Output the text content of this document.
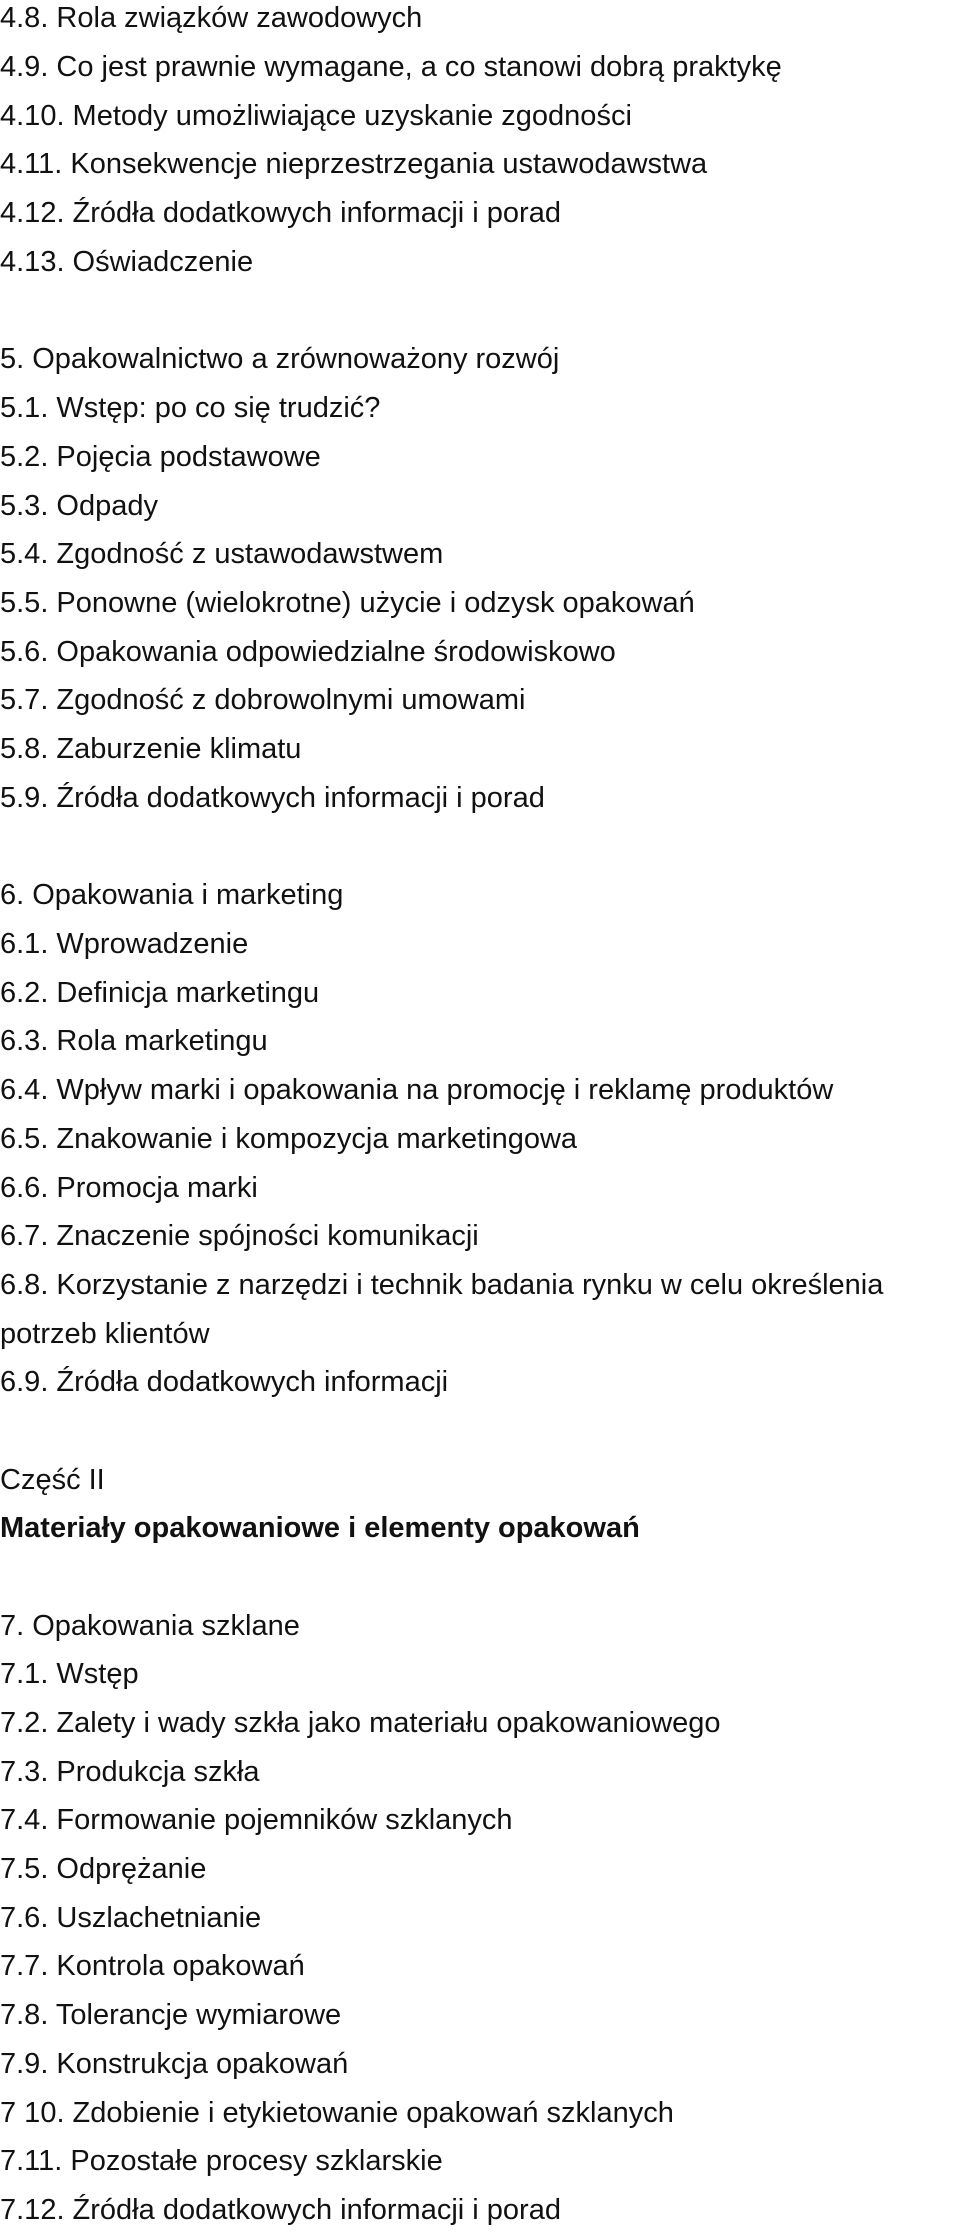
4.8. Rola związków zawodowych

4.9. Co jest prawnie wymagane, a co stanowi dobrą praktykę

4.10. Metody umożliwiające uzyskanie zgodności

4.11. Konsekwencje nieprzestrzegania ustawodawstwa

4.12. Źródła dodatkowych informacji i porad

4.13. Oświadczenie

5. Opakowalnictwo a zrównoważony rozwój

5.1. Wstęp: po co się trudzić?

5.2. Pojęcia podstawowe

5.3. Odpady

5.4. Zgodność z ustawodawstwem

5.5. Ponowne (wielokrotne) użycie i odzysk opakowań

5.6. Opakowania odpowiedzialne środowiskowo

5.7. Zgodność z dobrowolnymi umowami

5.8. Zaburzenie klimatu

5.9. Źródła dodatkowych informacji i porad

6. Opakowania i marketing

6.1. Wprowadzenie

6.2. Definicja marketingu

6.3. Rola marketingu

6.4. Wpływ marki i opakowania na promocję i reklamę produktów

6.5. Znakowanie i kompozycja marketingowa

6.6. Promocja marki

6.7. Znaczenie spójności komunikacji

6.8. Korzystanie z narzędzi i technik badania rynku w celu określenia

potrzeb klientów

6.9. Źródła dodatkowych informacji

Część II

Materiały opakowaniowe i elementy opakowań

7. Opakowania szklane

7.1. Wstęp

7.2. Zalety i wady szkła jako materiału opakowaniowego

7.3. Produkcja szkła

7.4. Formowanie pojemników szklanych

7.5. Odprężanie

7.6. Uszlachetnianie

7.7. Kontrola opakowań

7.8. Tolerancje wymiarowe

7.9. Konstrukcja opakowań

7 10. Zdobienie i etykietowanie opakowań szklanych

7.11. Pozostałe procesy szklarskie

7.12. Źródła dodatkowych informacji i porad
